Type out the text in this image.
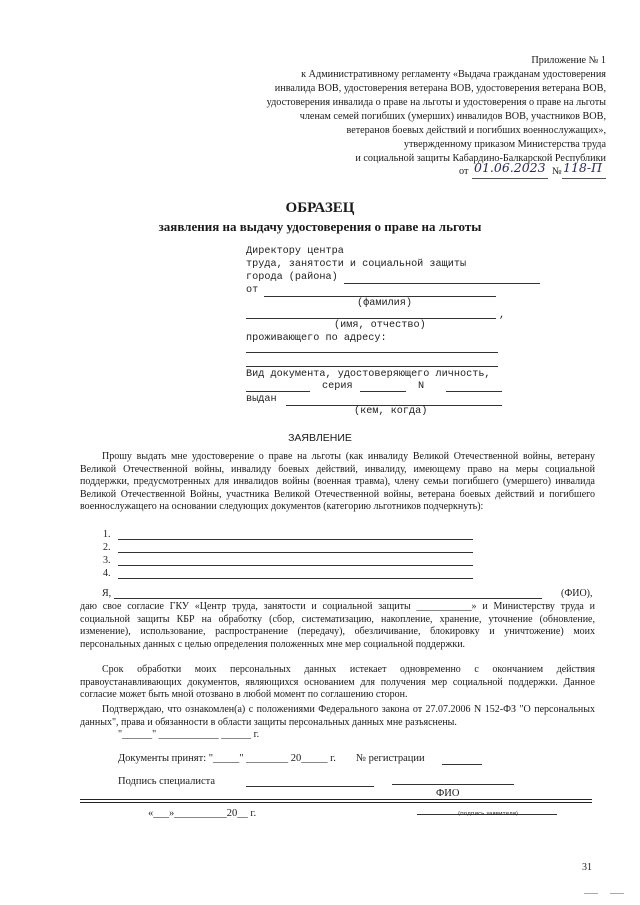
Приложение № 1
к Административному регламенту «Выдача гражданам удостоверения
инвалида ВОВ, удостоверения ветерана ВОВ, удостоверения ветерана ВОВ,
удостоверения инвалида о праве на льготы и удостоверения о праве на льготы
членам семей погибших (умерших) инвалидов ВОВ, участников ВОВ,
ветеранов боевых действий и погибших военнослужащих»,
утвержденному приказом Министерства труда
и социальной защиты Кабардино-Балкарской Республики
от 01.06.2023 № 118-П
ОБРАЗЕЦ
заявления на выдачу удостоверения о праве на льготы
Директору центра
труда, занятости и социальной защиты
города (района)
от
(фамилия)
,
(имя, отчество)
проживающего по адресу:
Вид документа, удостоверяющего личность,
серия	N
выдан
(кем, когда)
ЗАЯВЛЕНИЕ
Прошу выдать мне удостоверение о праве на льготы (как инвалиду Великой Отечественной войны, ветерану Великой Отечественной войны, инвалиду боевых действий, инвалиду, имеющему право на меры социальной поддержки, предусмотренных для инвалидов войны (военная травма), члену семьи погибшего (умершего) инвалида Великой Отечественной Войны, участника Великой Отечественной войны, ветерана боевых действий и погибшего военнослужащего на основании следующих документов (категорию льготников подчеркнуть):
1.
2.
3.
4.
Я,	(ФИО),
даю свое согласие ГКУ «Центр труда, занятости и социальной защиты ___________» и Министерству труда и социальной защиты КБР на обработку (сбор, систематизацию, накопление, хранение, уточнение (обновление, изменение), использование, распространение (передачу), обезличивание, блокировку и уничтожение) моих персональных данных с целью определения положенных мне мер социальной поддержки.
Срок обработки моих персональных данных истекает одновременно с окончанием действия правоустанавливающих документов, являющихся основанием для получения мер социальной поддержки. Данное согласие может быть мной отозвано в любой момент по соглашению сторон.
Подтверждаю, что ознакомлен(а) с положениями Федерального закона от 27.07.2006 N 152-ФЗ "О персональных данных", права и обязанности в области защиты персональных данных мне разъяснены.
"______" ____________ ______ г.
Документы принят: "_____" ________ 20_____ г. № регистрации
Подпись специалиста
ФИО
«___»__________20__ г.	(подпись заявителя)
31
